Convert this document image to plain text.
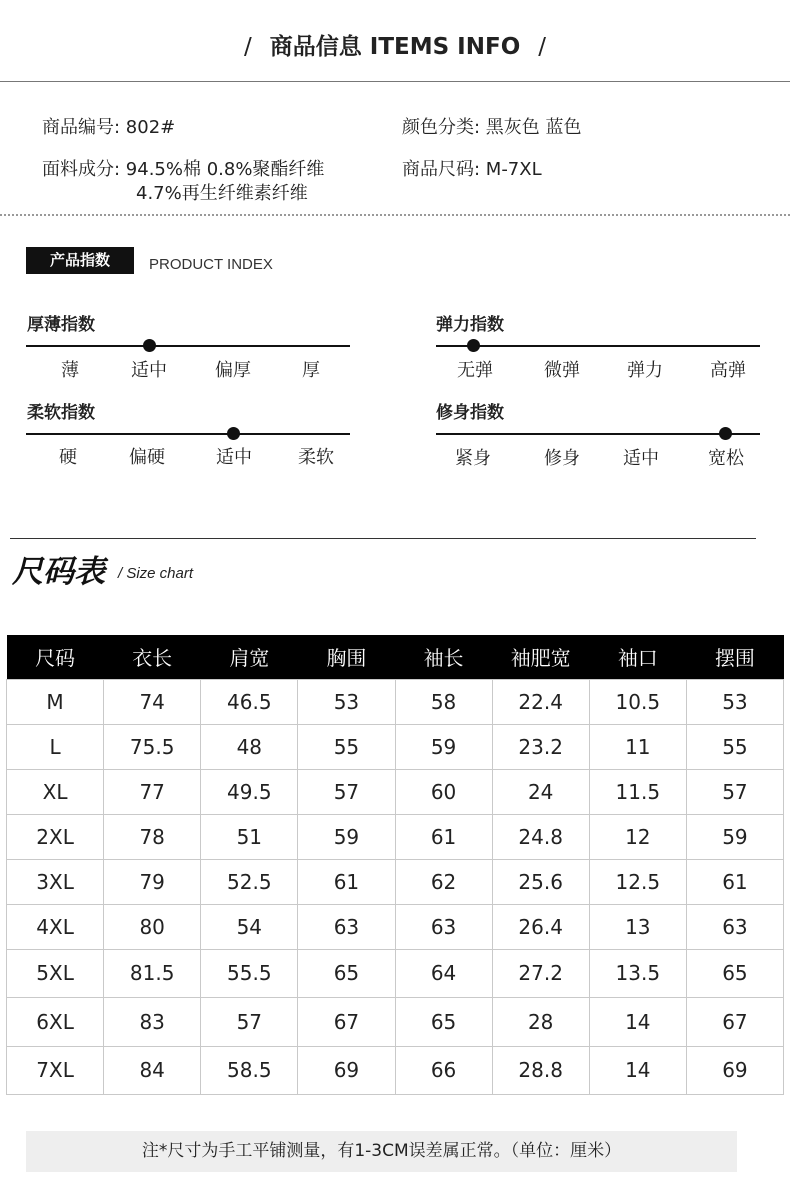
/ 商品信息 ITEMS INFO /
商品编号: 802#	颜色分类: 黑灰色 蓝色
面料成分: 94.5%棉 0.8%聚酯纤维
4.7%再生纤维素纤维
商品尺码: M-7XL
产品指数	PRODUCT INDEX
厚薄指数
薄	适中	偏厚	厚
弹力指数
无弹	微弹	弹力	高弹
柔软指数
硬	偏硬	适中	柔软
修身指数
紧身	修身	适中	宽松
尺码表 / Size chart
尺码	衣长	肩宽	胸围	袖长	袖肥宽	袖口	摆围
M	74	46.5	53	58	22.4	10.5	53
L	75.5	48	55	59	23.2	11	55
XL	77	49.5	57	60	24	11.5	57
2XL	78	51	59	61	24.8	12	59
3XL	79	52.5	61	62	25.6	12.5	61
4XL	80	54	63	63	26.4	13	63
5XL	81.5	55.5	65	64	27.2	13.5	65
6XL	83	57	67	65	28	14	67
7XL	84	58.5	69	66	28.8	14	69
注*尺寸为手工平铺测量，有1-3CM误差属正常。（单位：厘米）
